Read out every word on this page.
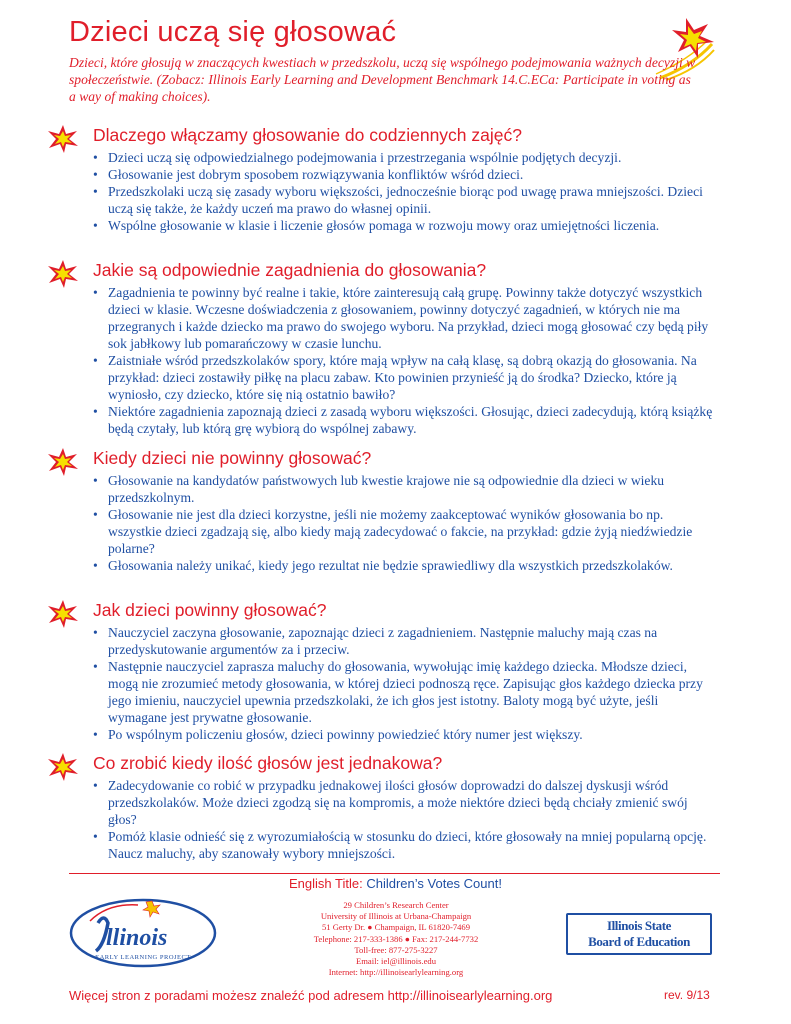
Dzieci uczą się głosować
Dzieci, które głosują w znaczących kwestiach w przedszkolu, uczą się wspólnego podejmowania ważnych decyzji w społeczeństwie. (Zobacz: Illinois Early Learning and Development Benchmark 14.C.ECa: Participate in voting as a way of making choices).
Dlaczego włączamy głosowanie do codziennych zajęć?
• Dzieci uczą się odpowiedzialnego podejmowania i przestrzegania wspólnie podjętych decyzji.
• Głosowanie jest dobrym sposobem rozwiązywania konfliktów wśród dzieci.
• Przedszkolaki uczą się zasady wyboru większości, jednocześnie biorąc pod uwagę prawa mniejszości. Dzieci uczą się także, że każdy uczeń ma prawo do własnej opinii.
• Wspólne głosowanie w klasie i liczenie głosów pomaga w rozwoju mowy oraz umiejętności liczenia.
Jakie są odpowiednie zagadnienia do głosowania?
• Zagadnienia te powinny być realne i takie, które zainteresują całą grupę. Powinny także dotyczyć wszystkich dzieci w klasie. Wczesne doświadczenia z głosowaniem, powinny dotyczyć zagadnień, w których nie ma przegranych i każde dziecko ma prawo do swojego wyboru. Na przykład, dzieci mogą głosować czy będą piły sok jabłkowy lub pomarańczowy w czasie lunchu.
• Zaistniałe wśród przedszkolaków spory, które mają wpływ na całą klasę, są dobrą okazją do głosowania. Na przykład: dzieci zostawiły piłkę na placu zabaw. Kto powinien przynieść ją do środka? Dziecko, które ją wyniosło, czy dziecko, które się nią ostatnio bawiło?
• Niektóre zagadnienia zapoznają dzieci z zasadą wyboru większości. Głosując, dzieci zadecydują, którą książkę będą czytały, lub którą grę wybiorą do wspólnej zabawy.
Kiedy dzieci nie powinny głosować?
• Głosowanie na kandydatów państwowych lub kwestie krajowe nie są odpowiednie dla dzieci w wieku przedszkolnym.
• Głosowanie nie jest dla dzieci korzystne, jeśli nie możemy zaakceptować wyników głosowania bo np. wszystkie dzieci zgadzają się, albo kiedy mają zadecydować o fakcie, na przykład: gdzie żyją niedźwiedzie polarne?
• Głosowania należy unikać, kiedy jego rezultat nie będzie sprawiedliwy dla wszystkich przedszkolaków.
Jak dzieci powinny głosować?
• Nauczyciel zaczyna głosowanie, zapoznając dzieci z zagadnieniem. Następnie maluchy mają czas na przedyskutowanie argumentów za i przeciw.
• Następnie nauczyciel zaprasza maluchy do głosowania, wywołując imię każdego dziecka. Młodsze dzieci, mogą nie zrozumieć metody głosowania, w której dzieci podnoszą ręce. Zapisując głos każdego dziecka przy jego imieniu, nauczyciel upewnia przedszkolaki, że ich głos jest istotny. Baloty mogą być użyte, jeśli wymagane jest prywatne głosowanie.
• Po wspólnym policzeniu głosów, dzieci powinny powiedzieć który numer jest większy.
Co zrobić kiedy ilość głosów jest jednakowa?
• Zadecydowanie co robić w przypadku jednakowej ilości głosów doprowadzi do dalszej dyskusji wśród przedszkolaków. Może dzieci zgodzą się na kompromis, a może niektóre dzieci będą chciały zmienić swój głos?
• Pomóż klasie odnieść się z wyrozumiałością w stosunku do dzieci, które głosowały na mniej popularną opcję. Naucz maluchy, aby szanowały wybory mniejszości.
English Title: Children’s Votes Count!
llinois
EARLY LEARNING PROJECT
29 Children’s Research Center
University of Illinois at Urbana-Champaign
51 Gerty Dr. ● Champaign, IL 61820-7469
Telephone: 217-333-1386 ● Fax: 217-244-7732
Toll-free: 877-275-3227
Email: iel@illinois.edu
Internet: http://illinoisearlylearning.org
Illinois State
Board of Education
Więcej stron z poradami możesz znaleźć pod adresem http://illinoisearlylearning.org	rev. 9/13
